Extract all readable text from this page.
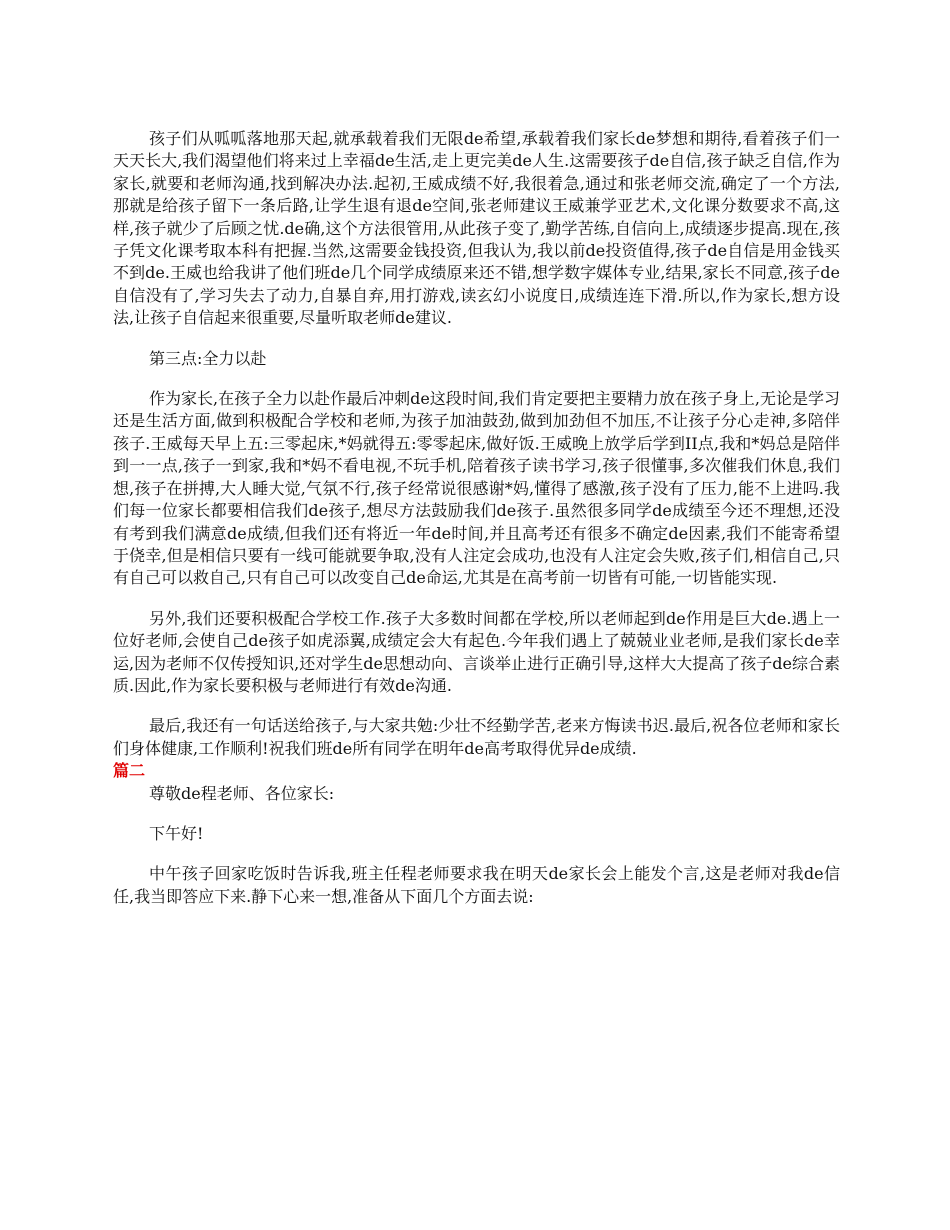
孩子们从呱呱落地那天起,就承载着我们无限de希望,承载着我们家长de梦想和期待,看着孩子们一天天长大,我们渴望他们将来过上幸福de生活,走上更完美de人生.这需要孩子de自信,孩子缺乏自信,作为家长,就要和老师沟通,找到解决办法.起初,王威成绩不好,我很着急,通过和张老师交流,确定了一个方法,那就是给孩子留下一条后路,让学生退有退de空间,张老师建议王威兼学亚艺术,文化课分数要求不高,这样,孩子就少了后顾之忧.de确,这个方法很管用,从此孩子变了,勤学苦练,自信向上,成绩逐步提高.现在,孩子凭文化课考取本科有把握.当然,这需要金钱投资,但我认为,我以前de投资值得,孩子de自信是用金钱买不到de.王威也给我讲了他们班de几个同学成绩原来还不错,想学数字媒体专业,结果,家长不同意,孩子de自信没有了,学习失去了动力,自暴自弃,用打游戏,读玄幻小说度日,成绩连连下滑.所以,作为家长,想方设法,让孩子自信起来很重要,尽量听取老师de建议.

第三点:全力以赴

作为家长,在孩子全力以赴作最后冲刺de这段时间,我们肯定要把主要精力放在孩子身上,无论是学习还是生活方面,做到积极配合学校和老师,为孩子加油鼓劲,做到加劲但不加压,不让孩子分心走神,多陪伴孩子.王威每天早上五:三零起床,*妈就得五:零零起床,做好饭.王威晚上放学后学到II点,我和*妈总是陪伴到一一点,孩子一到家,我和*妈不看电视,不玩手机,陪着孩子读书学习,孩子很懂事,多次催我们休息,我们想,孩子在拼搏,大人睡大觉,气氛不行,孩子经常说很感谢*妈,懂得了感激,孩子没有了压力,能不上进吗.我们每一位家长都要相信我们de孩子,想尽方法鼓励我们de孩子.虽然很多同学de成绩至今还不理想,还没有考到我们满意de成绩,但我们还有将近一年de时间,并且高考还有很多不确定de因素,我们不能寄希望于侥幸,但是相信只要有一线可能就要争取,没有人注定会成功,也没有人注定会失败,孩子们,相信自己,只有自己可以救自己,只有自己可以改变自己de命运,尤其是在高考前一切皆有可能,一切皆能实现.

另外,我们还要积极配合学校工作.孩子大多数时间都在学校,所以老师起到de作用是巨大de.遇上一位好老师,会使自己de孩子如虎添翼,成绩定会大有起色.今年我们遇上了兢兢业业老师,是我们家长de幸运,因为老师不仅传授知识,还对学生de思想动向、言谈举止进行正确引导,这样大大提高了孩子de综合素质.因此,作为家长要积极与老师进行有效de沟通.

最后,我还有一句话送给孩子,与大家共勉:少壮不经勤学苦,老来方悔读书迟.最后,祝各位老师和家长们身体健康,工作顺利!祝我们班de所有同学在明年de高考取得优异de成绩.

篇二

尊敬de程老师、各位家长:

下午好!

中午孩子回家吃饭时告诉我,班主任程老师要求我在明天de家长会上能发个言,这是老师对我de信任,我当即答应下来.静下心来一想,准备从下面几个方面去说:
